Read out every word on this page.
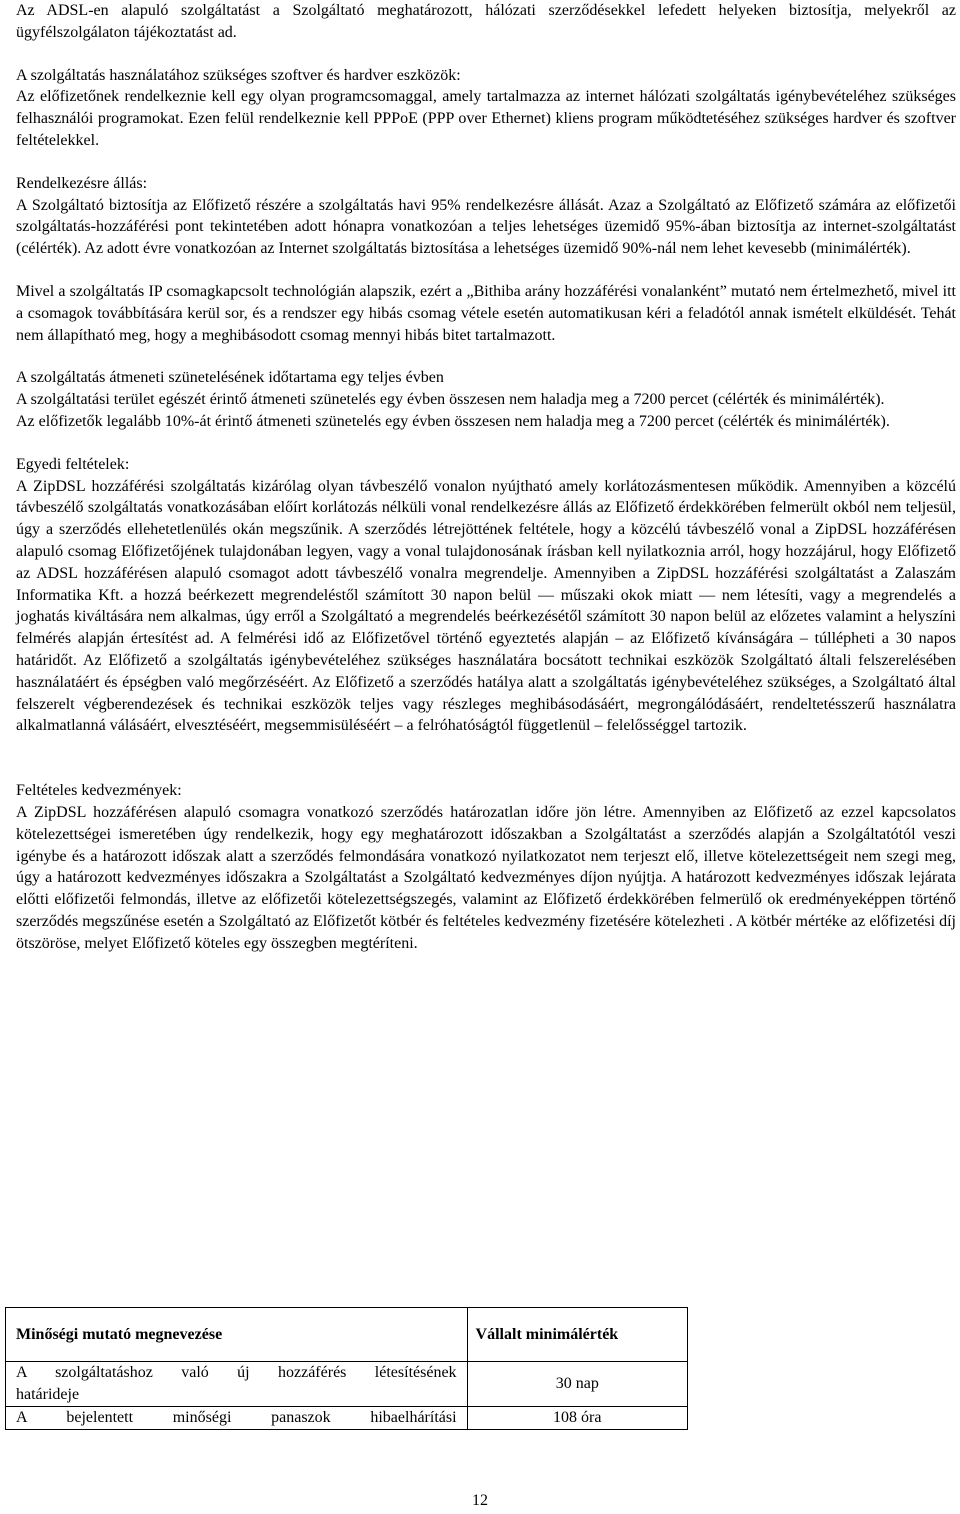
Az ADSL-en alapuló szolgáltatást a Szolgáltató meghatározott, hálózati szerződésekkel lefedett helyeken biztosítja, melyekről az ügyfélszolgálaton tájékoztatást ad.

A szolgáltatás használatához szükséges szoftver és hardver eszközök:

Az előfizetőnek rendelkeznie kell egy olyan programcsomaggal, amely tartalmazza az internet hálózati szolgáltatás igénybevételéhez szükséges felhasználói programokat. Ezen felül rendelkeznie kell PPPoE (PPP over Ethernet) kliens program működtetéséhez szükséges hardver és szoftver feltételekkel.

Rendelkezésre állás:

A Szolgáltató biztosítja az Előfizető részére a szolgáltatás havi 95% rendelkezésre állását. Azaz a Szolgáltató az Előfizető számára az előfizetői szolgáltatás-hozzáférési pont tekintetében adott hónapra vonatkozóan a teljes lehetséges üzemidő 95%-ában biztosítja az internet-szolgáltatást (célérték). Az adott évre vonatkozóan az Internet szolgáltatás biztosítása a lehetséges üzemidő 90%-nál nem lehet kevesebb (minimálérték).

Mivel a szolgáltatás IP csomagkapcsolt technológián alapszik, ezért a „Bithiba arány hozzáférési vonalanként” mutató nem értelmezhető, mivel itt a csomagok továbbítására kerül sor, és a rendszer egy hibás csomag vétele esetén automatikusan kéri a feladótól annak ismételt elküldését. Tehát nem állapítható meg, hogy a meghibásodott csomag mennyi hibás bitet tartalmazott.

A szolgáltatás átmeneti szünetelésének időtartama egy teljes évben

A szolgáltatási terület egészét érintő átmeneti szünetelés egy évben összesen nem haladja meg a 7200 percet (célérték és minimálérték).

Az előfizetők legalább 10%-át érintő átmeneti szünetelés egy évben összesen nem haladja meg a 7200 percet (célérték és minimálérték).

Egyedi feltételek:

A ZipDSL hozzáférési szolgáltatás kizárólag olyan távbeszélő vonalon nyújtható amely korlátozásmentesen működik. Amennyiben a közcélú távbeszélő szolgáltatás vonatkozásában előírt korlátozás nélküli vonal rendelkezésre állás az Előfizető érdekkörében felmerült okból nem teljesül, úgy a szerződés ellehetetlenülés okán megszűnik. A szerződés létrejöttének feltétele, hogy a közcélú távbeszélő vonal a ZipDSL hozzáférésen alapuló csomag Előfizetőjének tulajdonában legyen, vagy a vonal tulajdonosának írásban kell nyilatkoznia arról, hogy hozzájárul, hogy Előfizető az ADSL hozzáférésen alapuló csomagot adott távbeszélő vonalra megrendelje. Amennyiben a ZipDSL hozzáférési szolgáltatást a Zalaszám Informatika Kft. a hozzá beérkezett megrendeléstől számított 30 napon belül — műszaki okok miatt — nem létesíti, vagy a megrendelés a joghatás kiváltására nem alkalmas, úgy erről a Szolgáltató a megrendelés beérkezésétől számított 30 napon belül az előzetes valamint a helyszíni felmérés alapján értesítést ad. A felmérési idő az Előfizetővel történő egyeztetés alapján – az Előfizető kívánságára – túllépheti a 30 napos határidőt. Az Előfizető a szolgáltatás igénybevételéhez szükséges használatára bocsátott technikai eszközök Szolgáltató általi felszerelésében használatáért és épségben való megőrzéséért. Az Előfizető a szerződés hatálya alatt a szolgáltatás igénybevételéhez szükséges, a Szolgáltató által felszerelt végberendezések és technikai eszközök teljes vagy részleges meghibásodásáért, megrongálódásáért, rendeltetésszerű használatra alkalmatlanná válásáért, elvesztéséért, megsemmisüléséért – a felróhatóságtól függetlenül – felelősséggel tartozik.

Feltételes kedvezmények:

A ZipDSL hozzáférésen alapuló csomagra vonatkozó szerződés határozatlan időre jön létre. Amennyiben az Előfizető az ezzel kapcsolatos kötelezettségei ismeretében úgy rendelkezik, hogy egy meghatározott időszakban a Szolgáltatást a szerződés alapján a Szolgáltatótól veszi igénybe és a határozott időszak alatt a szerződés felmondására vonatkozó nyilatkozatot nem terjeszt elő, illetve kötelezettségeit nem szegi meg, úgy a határozott kedvezményes időszakra a Szolgáltatást a Szolgáltató kedvezményes díjon nyújtja. A határozott kedvezményes időszak lejárata előtti előfizetői felmondás, illetve az előfizetői kötelezettségszegés, valamint az Előfizető érdekkörében felmerülő ok eredményeképpen történő szerződés megszűnése esetén a Szolgáltató az Előfizetőt kötbér és feltételes kedvezmény fizetésére kötelezheti . A kötbér mértéke az előfizetési díj ötszöröse, melyet Előfizető köteles egy összegben megtéríteni.

Minőségi mutató megnevezése	Vállalt minimálérték

A szolgáltatáshoz való új hozzáférés létesítésének
határideje	30 nap

A bejelentett minőségi panaszok hibaelhárítási	108 óra
12
